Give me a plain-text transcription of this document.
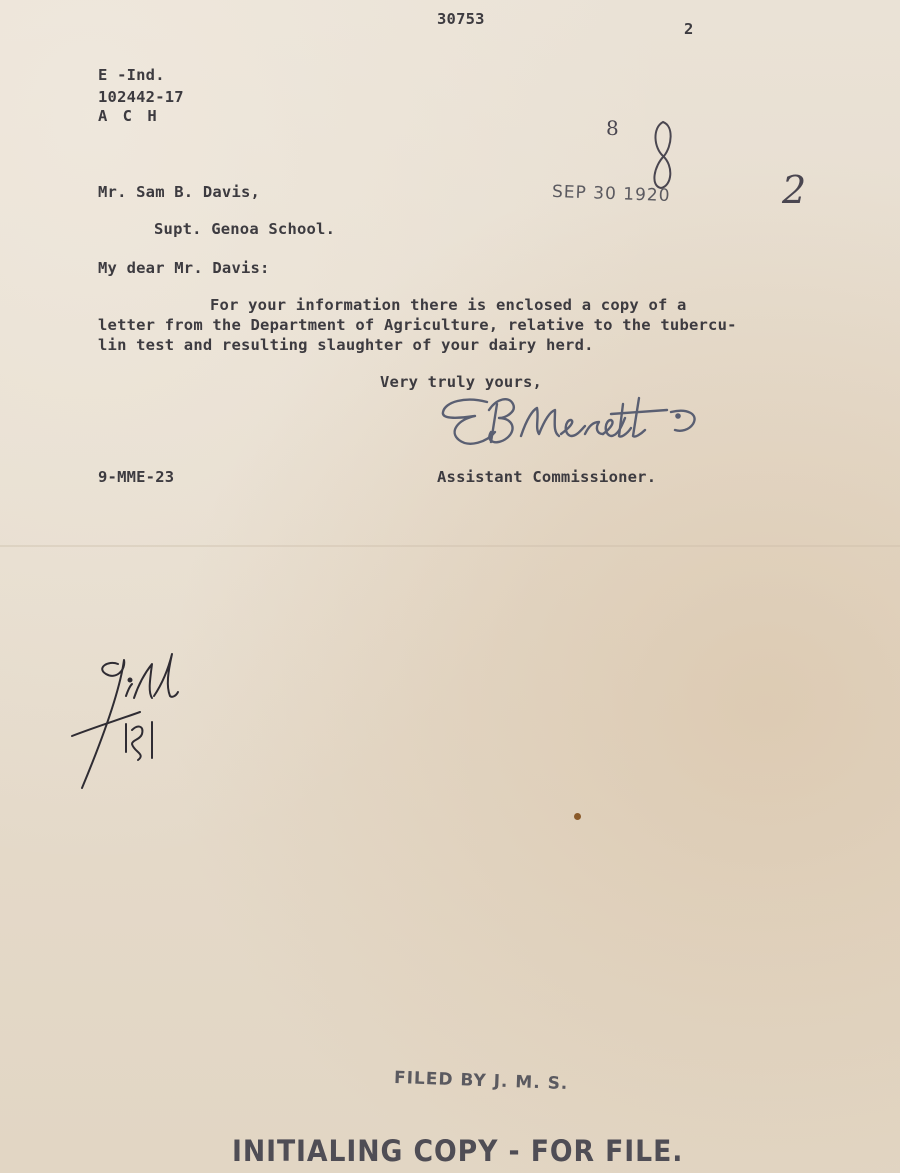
30753
2
E -Ind.
102442-17
A C H	8
2
SEP 30 1920
Mr. Sam B. Davis,
Supt. Genoa School.
My dear Mr. Davis:
For your information there is enclosed a copy of a
letter from the Department of Agriculture, relative to the tubercu-
lin test and resulting slaughter of your dairy herd.
Very truly yours,
9-MME-23	Assistant Commissioner.
FILED BY J. M. S.
INITIALING COPY - FOR FILE.
